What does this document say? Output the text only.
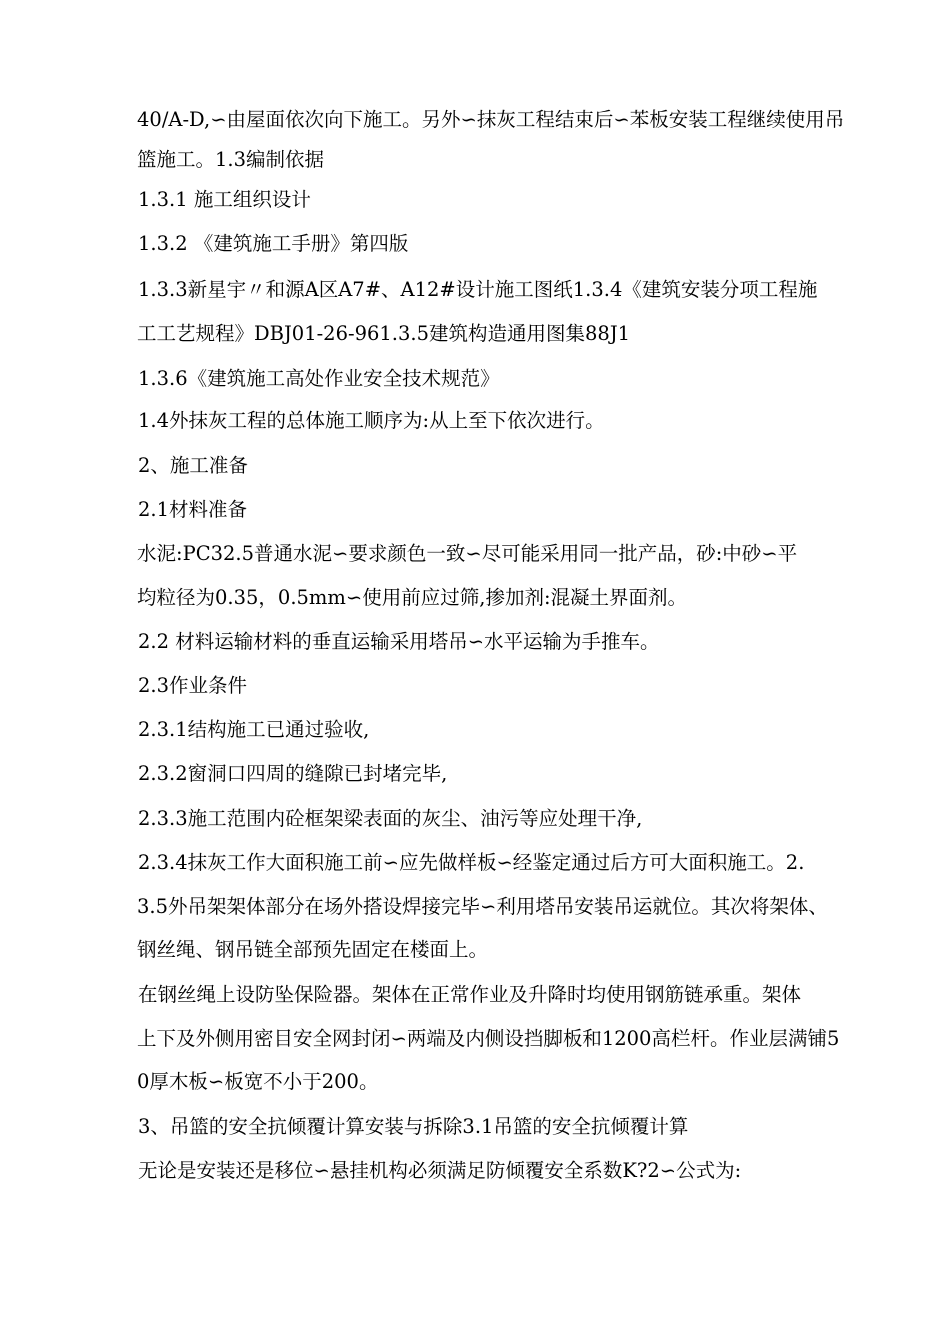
40/A-D,∽由屋面依次向下施工。另外∽抹灰工程结束后∽苯板安装工程继续使用吊
篮施工。1.3编制依据
1.3.1 施工组织设计
1.3.2 《建筑施工手册》第四版
1.3.3新星宇〃和源A区A7#、A12#设计施工图纸1.3.4《建筑安装分项工程施
工工艺规程》DBJ01-26-961.3.5建筑构造通用图集88J1
1.3.6《建筑施工高处作业安全技术规范》
1.4外抹灰工程的总体施工顺序为:从上至下依次进行。
2、施工准备
2.1材料准备
水泥:PC32.5普通水泥∽要求颜色一致∽尽可能采用同一批产品，砂:中砂∽平
均粒径为0.35，0.5mm∽使用前应过筛,掺加剂:混凝土界面剂。
2.2 材料运输材料的垂直运输采用塔吊∽水平运输为手推车。
2.3作业条件
2.3.1结构施工已通过验收,
2.3.2窗洞口四周的缝隙已封堵完毕,
2.3.3施工范围内砼框架梁表面的灰尘、油污等应处理干净,
2.3.4抹灰工作大面积施工前∽应先做样板∽经鉴定通过后方可大面积施工。2.
3.5外吊架架体部分在场外搭设焊接完毕∽利用塔吊安装吊运就位。其次将架体、
钢丝绳、钢吊链全部预先固定在楼面上。
在钢丝绳上设防坠保险器。架体在正常作业及升降时均使用钢筋链承重。架体
上下及外侧用密目安全网封闭∽两端及内侧设挡脚板和1200高栏杆。作业层满铺5
0厚木板∽板宽不小于200。
3、吊篮的安全抗倾覆计算安装与拆除3.1吊篮的安全抗倾覆计算
无论是安装还是移位∽悬挂机构必须满足防倾覆安全系数K?2∽公式为:
